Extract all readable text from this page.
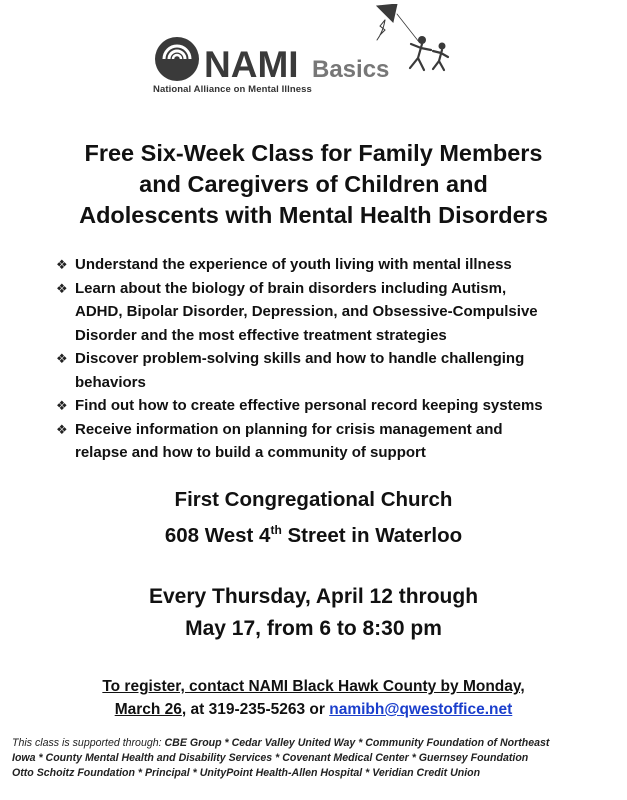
NAMI Basics
National Alliance on Mental Illness
Free Six-Week Class for Family Members
and Caregivers of Children and
Adolescents with Mental Health Disorders
❖ Understand the experience of youth living with mental illness
❖ Learn about the biology of brain disorders including Autism,
ADHD, Bipolar Disorder, Depression, and Obsessive-Compulsive
Disorder and the most effective treatment strategies
❖ Discover problem-solving skills and how to handle challenging
behaviors
❖ Find out how to create effective personal record keeping systems
❖ Receive information on planning for crisis management and
relapse and how to build a community of support
First Congregational Church
608 West 4th Street in Waterloo
Every Thursday, April 12 through
May 17, from 6 to 8:30 pm
To register, contact NAMI Black Hawk County by Monday,
March 26, at 319-235-5263 or namibh@qwestoffice.net
This class is supported through: CBE Group * Cedar Valley United Way * Community Foundation of Northeast
Iowa * County Mental Health and Disability Services * Covenant Medical Center * Guernsey Foundation
Otto Schoitz Foundation * Principal * UnityPoint Health-Allen Hospital * Veridian Credit Union
